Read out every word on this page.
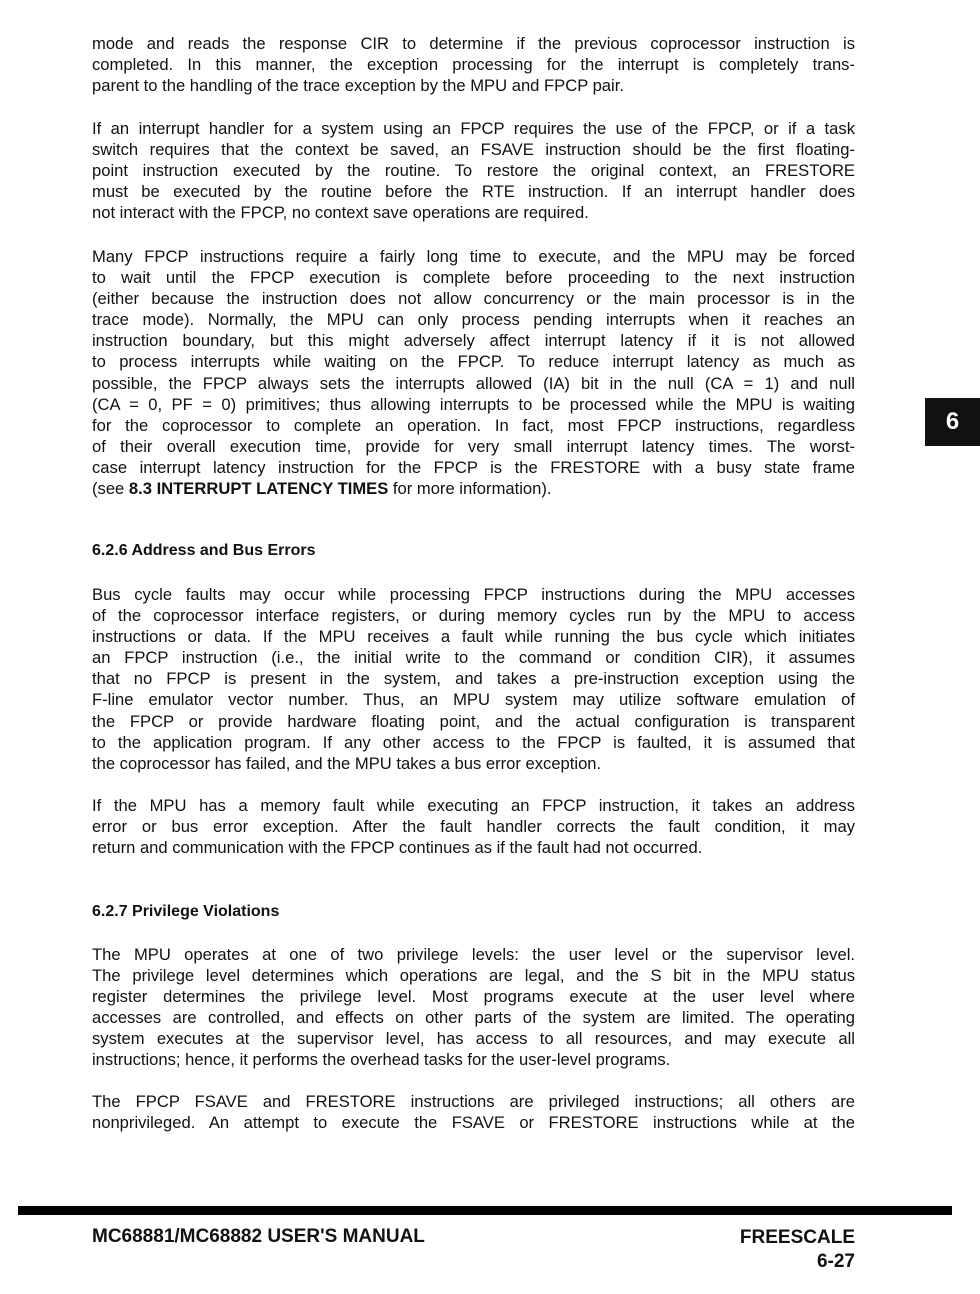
mode and reads the response CIR to determine if the previous coprocessor instruction is
completed. In this manner, the exception processing for the interrupt is completely trans-
parent to the handling of the trace exception by the MPU and FPCP pair.
If an interrupt handler for a system using an FPCP requires the use of the FPCP, or if a task
switch requires that the context be saved, an FSAVE instruction should be the first floating-
point instruction executed by the routine. To restore the original context, an FRESTORE
must be executed by the routine before the RTE instruction. If an interrupt handler does
not interact with the FPCP, no context save operations are required.
Many FPCP instructions require a fairly long time to execute, and the MPU may be forced
to wait until the FPCP execution is complete before proceeding to the next instruction
(either because the instruction does not allow concurrency or the main processor is in the
trace mode). Normally, the MPU can only process pending interrupts when it reaches an
instruction boundary, but this might adversely affect interrupt latency if it is not allowed
to process interrupts while waiting on the FPCP. To reduce interrupt latency as much as
possible, the FPCP always sets the interrupts allowed (IA) bit in the null (CA = 1) and null
(CA = 0, PF = 0) primitives; thus allowing interrupts to be processed while the MPU is waiting
for the coprocessor to complete an operation. In fact, most FPCP instructions, regardless
of their overall execution time, provide for very small interrupt latency times. The worst-
case interrupt latency instruction for the FPCP is the FRESTORE with a busy state frame
(see 8.3 INTERRUPT LATENCY TIMES for more information).
6.2.6 Address and Bus Errors
Bus cycle faults may occur while processing FPCP instructions during the MPU accesses
of the coprocessor interface registers, or during memory cycles run by the MPU to access
instructions or data. If the MPU receives a fault while running the bus cycle which initiates
an FPCP instruction (i.e., the initial write to the command or condition CIR), it assumes
that no FPCP is present in the system, and takes a pre-instruction exception using the
F-line emulator vector number. Thus, an MPU system may utilize software emulation of
the FPCP or provide hardware floating point, and the actual configuration is transparent
to the application program. If any other access to the FPCP is faulted, it is assumed that
the coprocessor has failed, and the MPU takes a bus error exception.
If the MPU has a memory fault while executing an FPCP instruction, it takes an address
error or bus error exception. After the fault handler corrects the fault condition, it may
return and communication with the FPCP continues as if the fault had not occurred.
6.2.7 Privilege Violations
The MPU operates at one of two privilege levels: the user level or the supervisor level.
The privilege level determines which operations are legal, and the S bit in the MPU status
register determines the privilege level. Most programs execute at the user level where
accesses are controlled, and effects on other parts of the system are limited. The operating
system executes at the supervisor level, has access to all resources, and may execute all
instructions; hence, it performs the overhead tasks for the user-level programs.
The FPCP FSAVE and FRESTORE instructions are privileged instructions; all others are
nonprivileged. An attempt to execute the FSAVE or FRESTORE instructions while at the
6
MC68881/MC68882 USER'S MANUAL	FREESCALE
6-27
